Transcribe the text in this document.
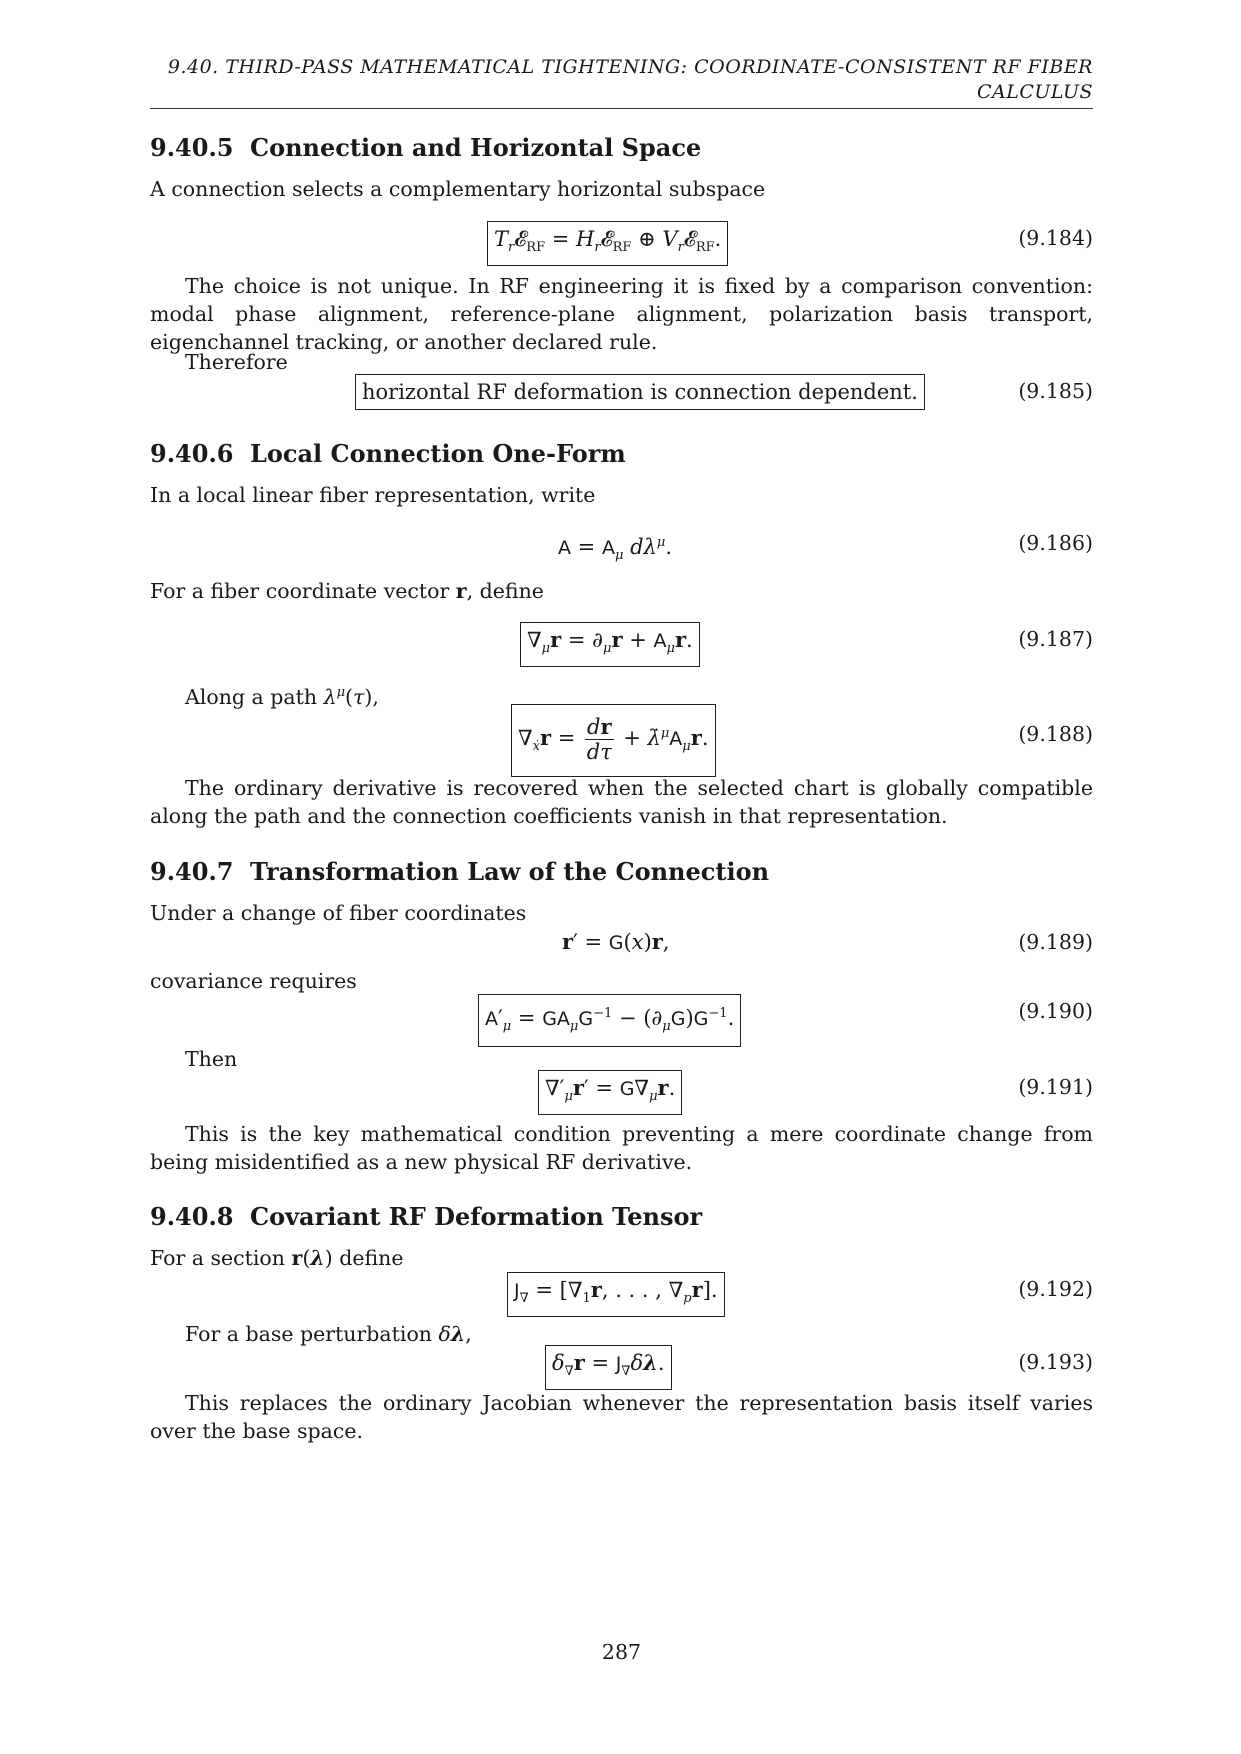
9.40. THIRD-PASS MATHEMATICAL TIGHTENING: COORDINATE-CONSISTENT RF FIBER
CALCULUS
9.40.5 Connection and Horizontal Space
A connection selects a complementary horizontal subspace
$T_r𝓔_{RF}$ = $H_r𝓔_{RF}$ ⊕ $V_r𝓔_{RF}$.	(9.184)
The choice is not unique. In RF engineering it is fixed by a comparison convention: modal phase alignment, reference-plane alignment, polarization basis transport, eigenchannel tracking, or another declared rule.
Therefore
horizontal RF deformation is connection dependent.	(9.185)
9.40.6 Local Connection One-Form
In a local linear fiber representation, write
$A = A_\mu$ $d\lambda^\mu$.	(9.186)
For a fiber coordinate vector r, define
$\nabla_\mu r = \partial_\mu r + A_\mu r$.	(9.187)
Along a path $\lambda^\mu(\tau)$,
$\nabla_ẋr = \frac{dr}{d\tau}$ + $\lambdȧ^\mu A_\mu r$.	(9.188)
The ordinary derivative is recovered when the selected chart is globally compatible along the path and the connection coefficients vanish in that representation.
9.40.7 Transformation Law of the Connection
Under a change of fiber coordinates
r′ = G(x)r,	(9.189)
covariance requires
$A'_\mu = GA_\mu G^{-1} - (\partial_\mu G)G^{-1}$.	(9.190)
Then
$\nabla'_\mu r' = G\nabla_\mu r$.	(9.191)
This is the key mathematical condition preventing a mere coordinate change from being misidentified as a new physical RF derivative.
9.40.8 Covariant RF Deformation Tensor
For a section r(λ) define
$J_\nabla = [\nabla_1r$, . . . , $\nabla_pr$].	(9.192)
For a base perturbation δλ,
$\delta_\nabla r = J_\nabla\delta\lambda$.	(9.193)
This replaces the ordinary Jacobian whenever the representation basis itself varies over the base space.
287
